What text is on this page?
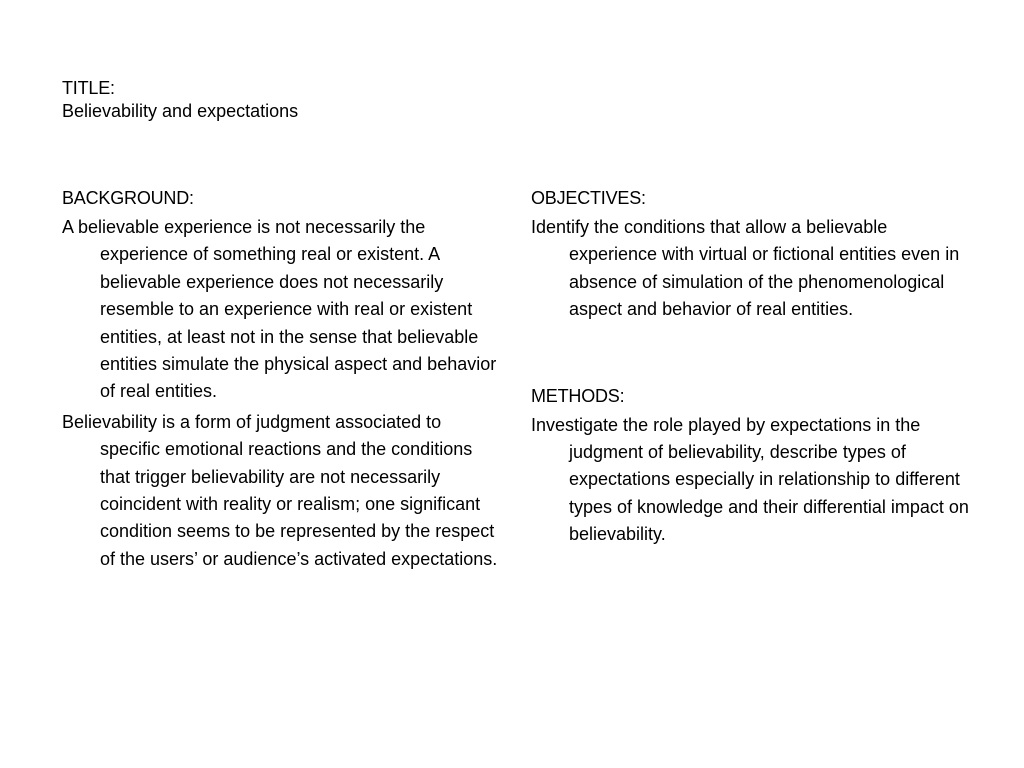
TITLE:
Believability and expectations
BACKGROUND:
A believable experience is not necessarily the experience of something real or existent. A believable experience does not necessarily resemble to an experience with real or existent entities, at least not in the sense that believable entities simulate the physical aspect and behavior of real entities.
Believability is a form of judgment associated to specific emotional reactions and the conditions that trigger believability are not necessarily coincident with reality or realism; one significant condition seems to be represented by the respect of the users’ or audience’s activated expectations.
OBJECTIVES:
Identify the conditions that allow a believable experience with virtual or fictional entities even in absence of simulation of the phenomenological aspect and behavior of real entities.
METHODS:
Investigate the role played by expectations in the judgment of believability, describe types of expectations especially in relationship to different types of knowledge and their differential impact on believability.
